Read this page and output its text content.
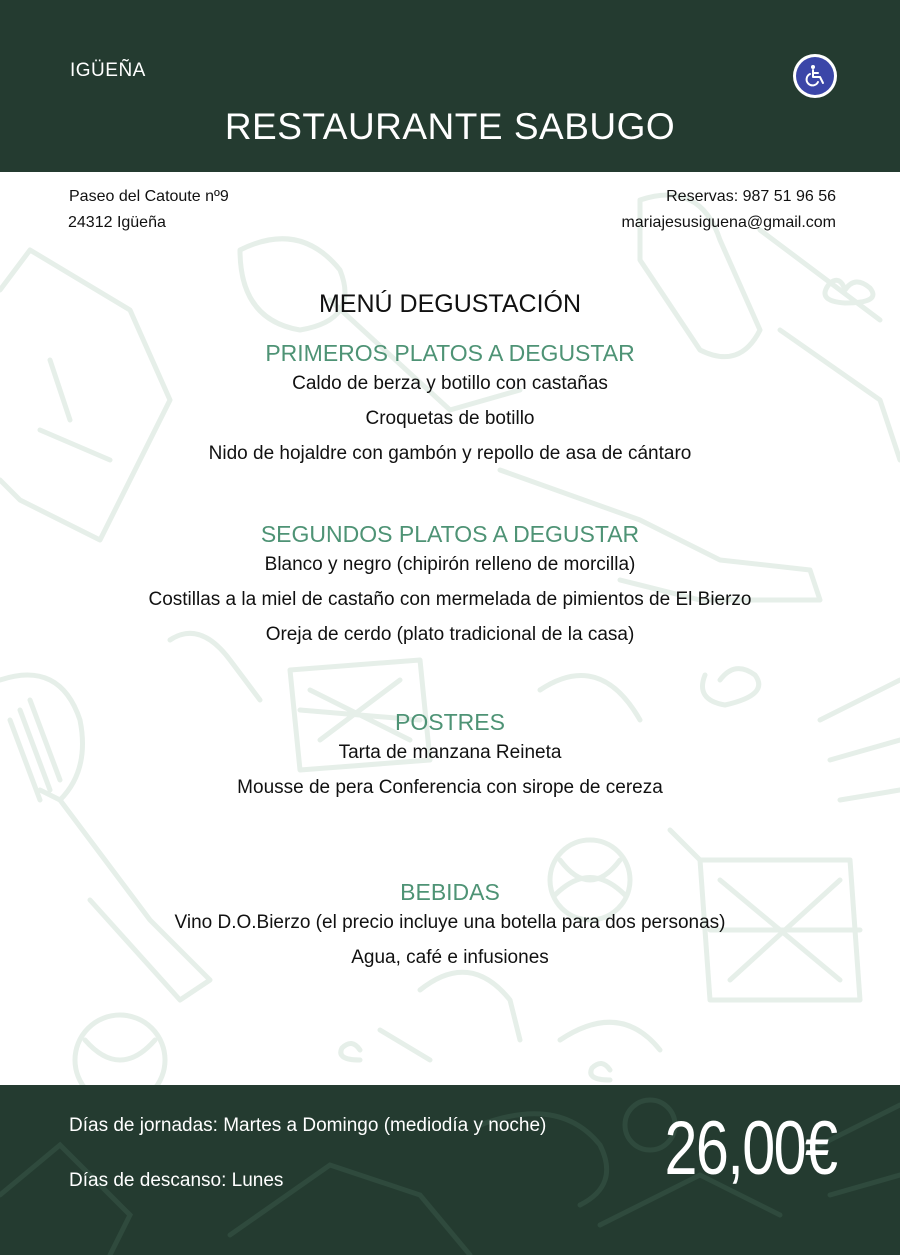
IGÜEÑA
RESTAURANTE SABUGO
Paseo del Catoute nº9
24312 Igüeña
Reservas: 987 51 96 56
mariajesusiguena@gmail.com
MENÚ DEGUSTACIÓN
PRIMEROS PLATOS A DEGUSTAR
Caldo de berza y botillo con castañas
Croquetas de botillo
Nido de hojaldre con gambón y repollo de asa de cántaro
SEGUNDOS PLATOS A DEGUSTAR
Blanco y negro (chipirón relleno de morcilla)
Costillas a la miel de castaño con mermelada de pimientos de El Bierzo
Oreja de cerdo (plato tradicional de la casa)
POSTRES
Tarta de manzana Reineta
Mousse de pera Conferencia con sirope de cereza
BEBIDAS
Vino D.O.Bierzo (el precio incluye una botella para dos personas)
Agua, café e infusiones
Días de jornadas: Martes a Domingo (mediodía y noche)
Días de descanso: Lunes	26,00€
